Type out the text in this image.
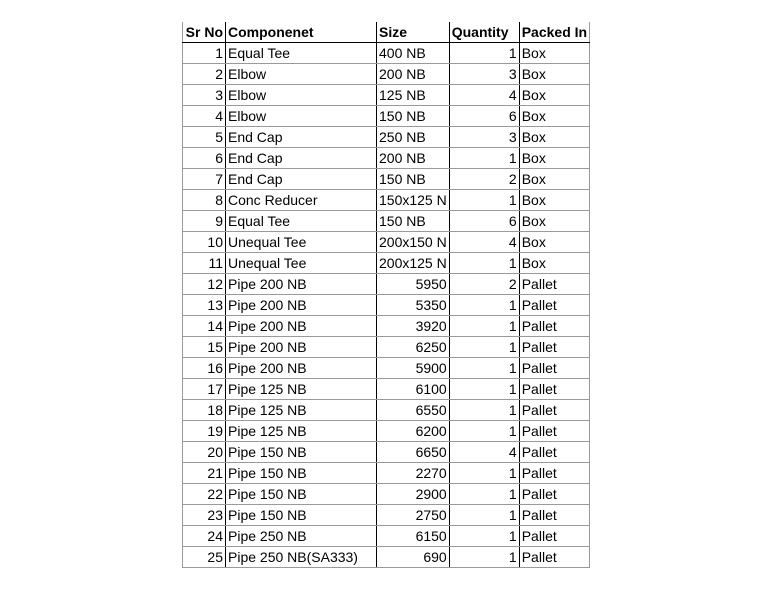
Sr No	Componenet	Size	Quantity	Packed In
1	Equal Tee	400 NB	1	Box
2	Elbow	200 NB	3	Box
3	Elbow	125 NB	4	Box
4	Elbow	150 NB	6	Box
5	End Cap	250 NB	3	Box
6	End Cap	200 NB	1	Box
7	End Cap	150 NB	2	Box
8	Conc Reducer	150x125 N	1	Box
9	Equal Tee	150 NB	6	Box
10	Unequal Tee	200x150 N	4	Box
11	Unequal Tee	200x125 N	1	Box
12	Pipe 200 NB	5950	2	Pallet
13	Pipe 200 NB	5350	1	Pallet
14	Pipe 200 NB	3920	1	Pallet
15	Pipe 200 NB	6250	1	Pallet
16	Pipe 200 NB	5900	1	Pallet
17	Pipe 125 NB	6100	1	Pallet
18	Pipe 125 NB	6550	1	Pallet
19	Pipe 125 NB	6200	1	Pallet
20	Pipe 150 NB	6650	4	Pallet
21	Pipe 150 NB	2270	1	Pallet
22	Pipe 150 NB	2900	1	Pallet
23	Pipe 150 NB	2750	1	Pallet
24	Pipe 250 NB	6150	1	Pallet
25	Pipe 250 NB(SA333)	690	1	Pallet
